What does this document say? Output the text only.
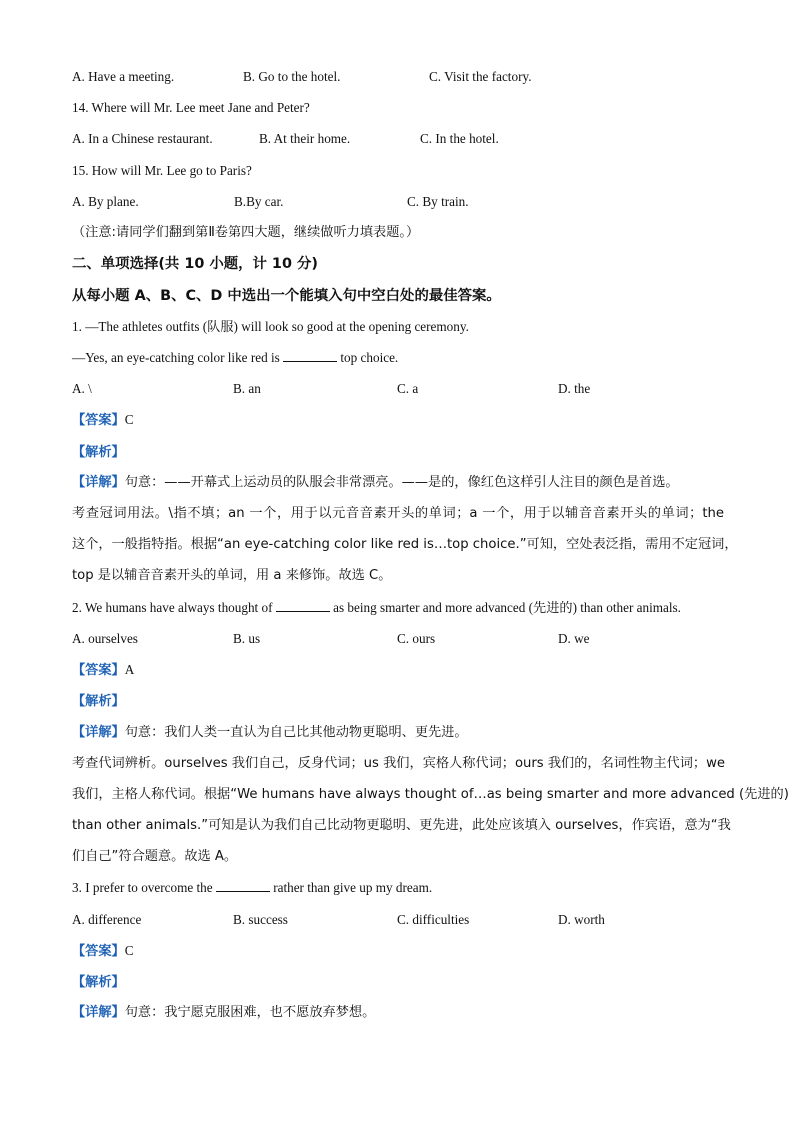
A. Have a meeting.	B. Go to the hotel.	C. Visit the factory.
14. Where will Mr. Lee meet Jane and Peter?
A. In a Chinese restaurant.	B. At their home.	C. In the hotel.
15. How will Mr. Lee go to Paris?
A. By plane.	B.By car.	C. By train.
（注意:请同学们翻到第Ⅱ卷第四大题，继续做听力填表题。）
二、单项选择(共 10 小题，计 10 分)
从每小题 A、B、C、D 中选出一个能填入句中空白处的最佳答案。
1. —The athletes outfits (队服) will look so good at the opening ceremony.
—Yes, an eye-catching color like red is	top choice.
A. \	B. an	C. a	D. the
【答案】C
【解析】
【详解】句意：——开幕式上运动员的队服会非常漂亮。——是的，像红色这样引人注目的颜色是首选。
考查冠词用法。\指不填；an 一个，用于以元音音素开头的单词；a 一个，用于以辅音音素开头的单词；the
这个，一般指特指。根据“an eye-catching color like red is…top choice.”可知，空处表泛指，需用不定冠词，
top 是以辅音音素开头的单词，用 a 来修饰。故选 C。
2. We humans have always thought of	as being smarter and more advanced (先进的) than other animals.
A. ourselves	B. us	C. ours	D. we
【答案】A
【解析】
【详解】句意：我们人类一直认为自己比其他动物更聪明、更先进。
考查代词辨析。ourselves 我们自己，反身代词；us 我们，宾格人称代词；ours 我们的，名词性物主代词；we
我们，主格人称代词。根据“We humans have always thought of…as being smarter and more advanced (先进的)
than other animals.”可知是认为我们自己比动物更聪明、更先进，此处应该填入 ourselves，作宾语，意为“我
们自己”符合题意。故选 A。
3. I prefer to overcome the	rather than give up my dream.
A. difference	B. success	C. difficulties	D. worth
【答案】C
【解析】
【详解】句意：我宁愿克服困难，也不愿放弃梦想。
